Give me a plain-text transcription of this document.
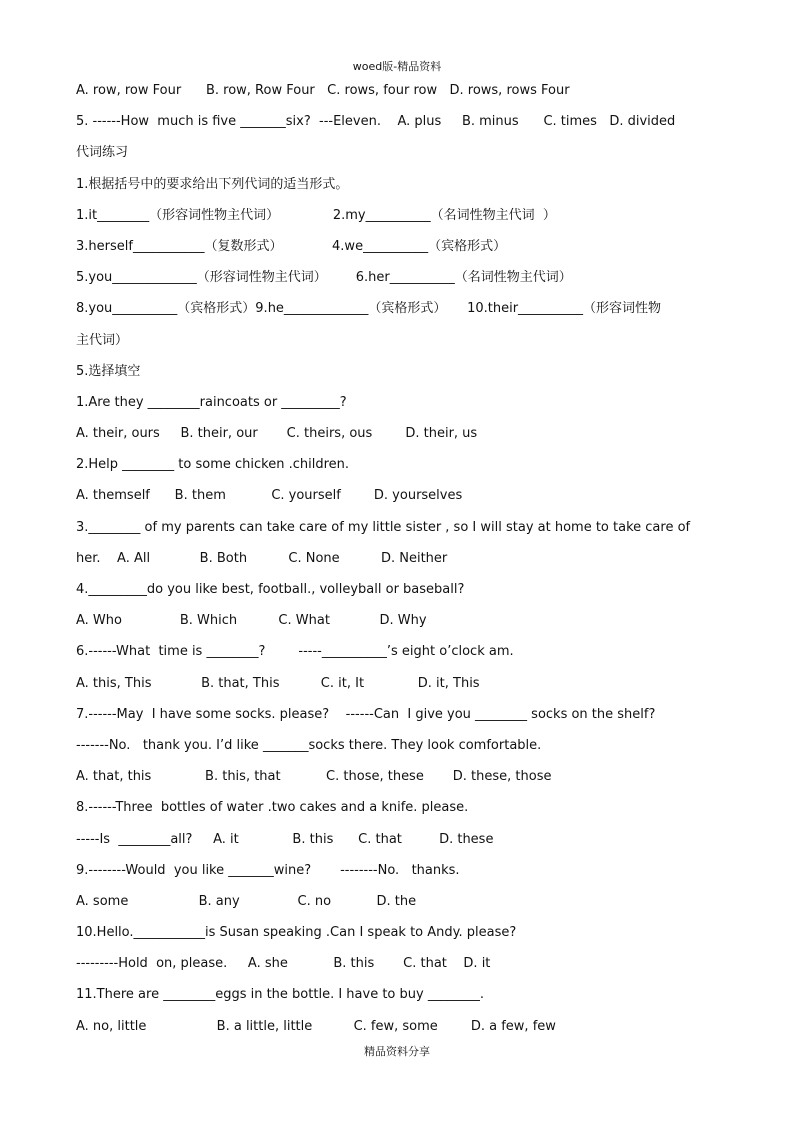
woed版-精品资料
A. row, row Four      B. row, Row Four   C. rows, four row   D. rows, rows Four
5. ------How  much is five _______six?  ---Eleven.    A. plus     B. minus      C. times   D. divided
代词练习
1.根据括号中的要求给出下列代词的适当形式。
1.it________（形容词性物主代词）             2.my__________（名词性物主代词  ）
3.herself___________（复数形式）            4.we__________（宾格形式）
5.you_____________（形容词性物主代词）       6.her__________（名词性物主代词）
8.you__________（宾格形式）9.he_____________（宾格形式）     10.their__________（形容词性物
主代词）
5.选择填空
1.Are they ________raincoats or _________?
A. their, ours     B. their, our       C. theirs, ous        D. their, us
2.Help ________ to some chicken .children.
A. themself      B. them           C. yourself        D. yourselves
3.________ of my parents can take care of my little sister , so I will stay at home to take care of
her.    A. All            B. Both          C. None          D. Neither
4._________do you like best, football., volleyball or baseball?
A. Who              B. Which          C. What            D. Why
6.------What  time is ________?        -----__________’s eight o’clock am.
A. this, This            B. that, This          C. it, It             D. it, This
7.------May  I have some socks. please?    ------Can  I give you ________ socks on the shelf?
-------No.   thank you. I’d like _______socks there. They look comfortable.
A. that, this             B. this, that           C. those, these       D. these, those
8.------Three  bottles of water .two cakes and a knife. please.
-----Is  ________all?     A. it             B. this      C. that         D. these
9.--------Would  you like _______wine?       --------No.   thanks.
A. some                 B. any              C. no           D. the
10.Hello.___________is Susan speaking .Can I speak to Andy. please?
---------Hold  on, please.     A. she           B. this       C. that    D. it
11.There are ________eggs in the bottle. I have to buy ________.
A. no, little                 B. a little, little          C. few, some        D. a few, few
精品资料分享
